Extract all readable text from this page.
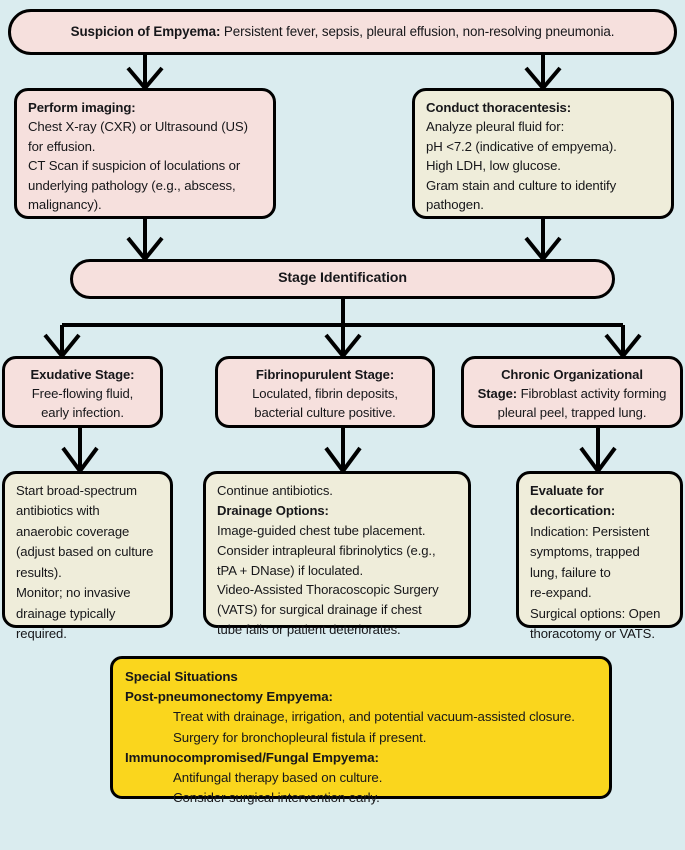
Suspicion of Empyema: Persistent fever, sepsis, pleural effusion, non-resolving pneumonia.
Perform imaging:
Chest X-ray (CXR) or Ultrasound (US)
for effusion.
CT Scan if suspicion of loculations or
underlying pathology (e.g., abscess,
malignancy).
Conduct thoracentesis:
Analyze pleural fluid for:
pH <7.2 (indicative of empyema).
High LDH, low glucose.
Gram stain and culture to identify
pathogen.
Stage Identification
Exudative Stage:
Free-flowing fluid,
early infection.
Fibrinopurulent Stage:
Loculated, fibrin deposits,
bacterial culture positive.
Chronic Organizational
Stage: Fibroblast activity forming
pleural peel, trapped lung.
Start broad-spectrum
antibiotics with
anaerobic coverage
(adjust based on culture
results).
Monitor; no invasive
drainage typically
required.
Continue antibiotics.
Drainage Options:
Image-guided chest tube placement.
Consider intrapleural fibrinolytics (e.g.,
tPA + DNase) if loculated.
Video-Assisted Thoracoscopic Surgery
(VATS) for surgical drainage if chest
tube fails or patient deteriorates.
Evaluate for
decortication:
Indication: Persistent
symptoms, trapped
lung, failure to
re-expand.
Surgical options: Open
thoracotomy or VATS.
Special Situations
Post-pneumonectomy Empyema:
Treat with drainage, irrigation, and potential vacuum-assisted closure.
Surgery for bronchopleural fistula if present.
Immunocompromised/Fungal Empyema:
Antifungal therapy based on culture.
Consider surgical intervention early.
